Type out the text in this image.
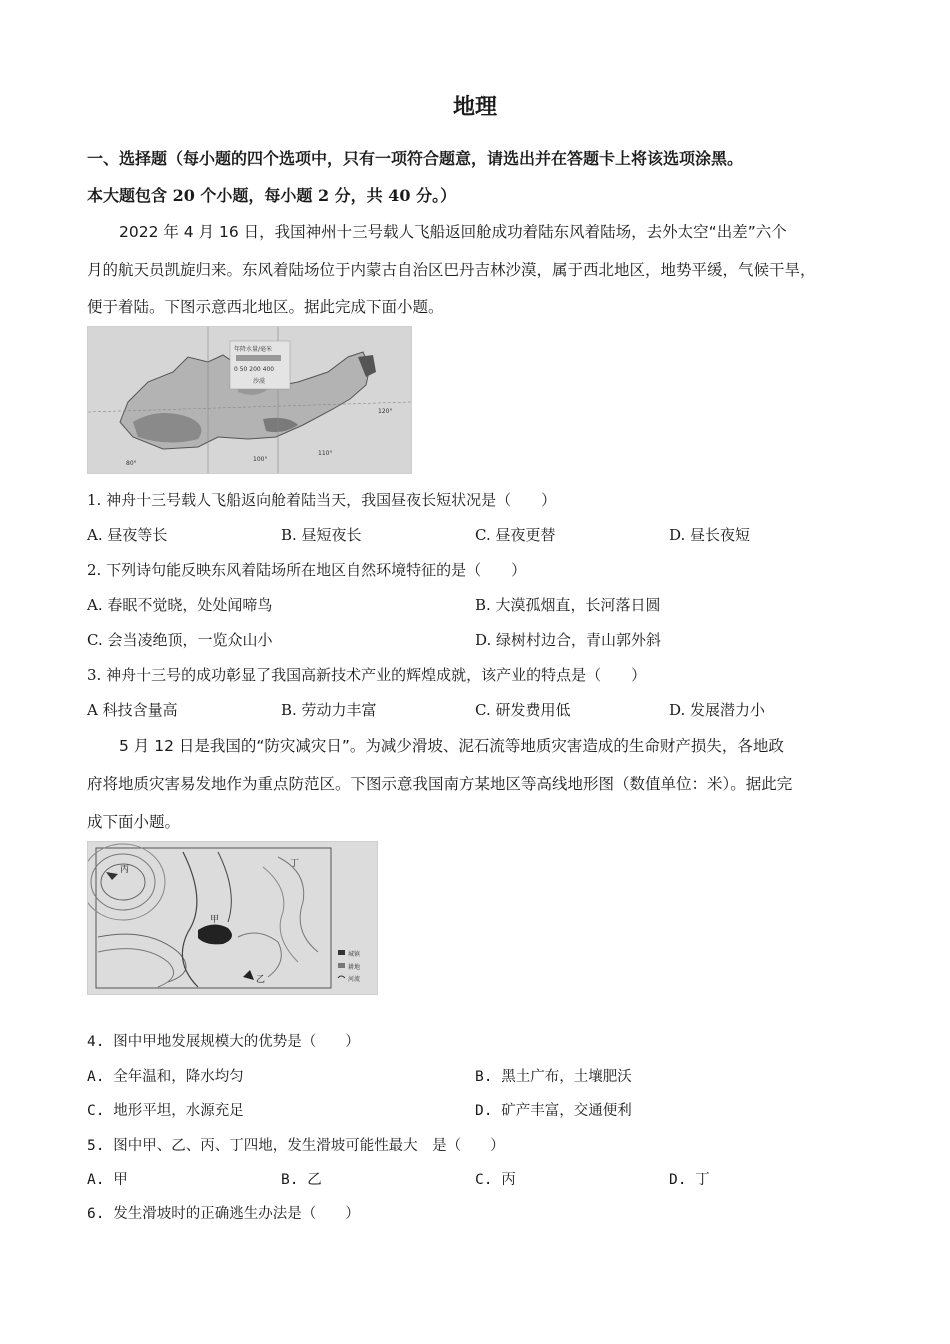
地理
一、选择题（每小题的四个选项中，只有一项符合题意，请选出并在答题卡上将该选项涂黑。
本大题包含 20 个小题，每小题 2 分，共 40 分。）
2022 年 4 月 16 日，我国神州十三号载人飞船返回舱成功着陆东风着陆场，去外太空“出差”六个
月的航天员凯旋归来。东风着陆场位于内蒙古自治区巴丹吉林沙漠，属于西北地区，地势平缓，气候干旱，
便于着陆。下图示意西北地区。据此完成下面小题。
年降水量/毫米
0 50 200 400
沙漠
80°
100°
110°
120°
1. 神舟十三号载人飞船返向舱着陆当天，我国昼夜长短状况是（　　）
A. 昼夜等长	B. 昼短夜长	C. 昼夜更替	D. 昼长夜短
2. 下列诗句能反映东风着陆场所在地区自然环境特征的是（　　）
A. 春眠不觉晓，处处闻啼鸟	B. 大漠孤烟直，长河落日圆
C. 会当凌绝顶，一览众山小	D. 绿树村边合，青山郭外斜
3. 神舟十三号的成功彰显了我国高新技术产业的辉煌成就，该产业的特点是（　　）
A 科技含量高	B. 劳动力丰富	C. 研发费用低	D. 发展潜力小
5 月 12 日是我国的“防灾减灾日”。为减少滑坡、泥石流等地质灾害造成的生命财产损失，各地政
府将地质灾害易发地作为重点防范区。下图示意我国南方某地区等高线地形图（数值单位：米）。据此完
成下面小题。
甲
乙
丙
丁
城镇
耕地
河流
4. 图中甲地发展规模大的优势是（　　）
A. 全年温和，降水均匀	B. 黑土广布，土壤肥沃
C. 地形平坦，水源充足	D. 矿产丰富，交通便利
5. 图中甲、乙、丙、丁四地，发生滑坡可能性最大　是（　　）
A. 甲	B. 乙	C. 丙	D. 丁
6. 发生滑坡时的正确逃生办法是（　　）
